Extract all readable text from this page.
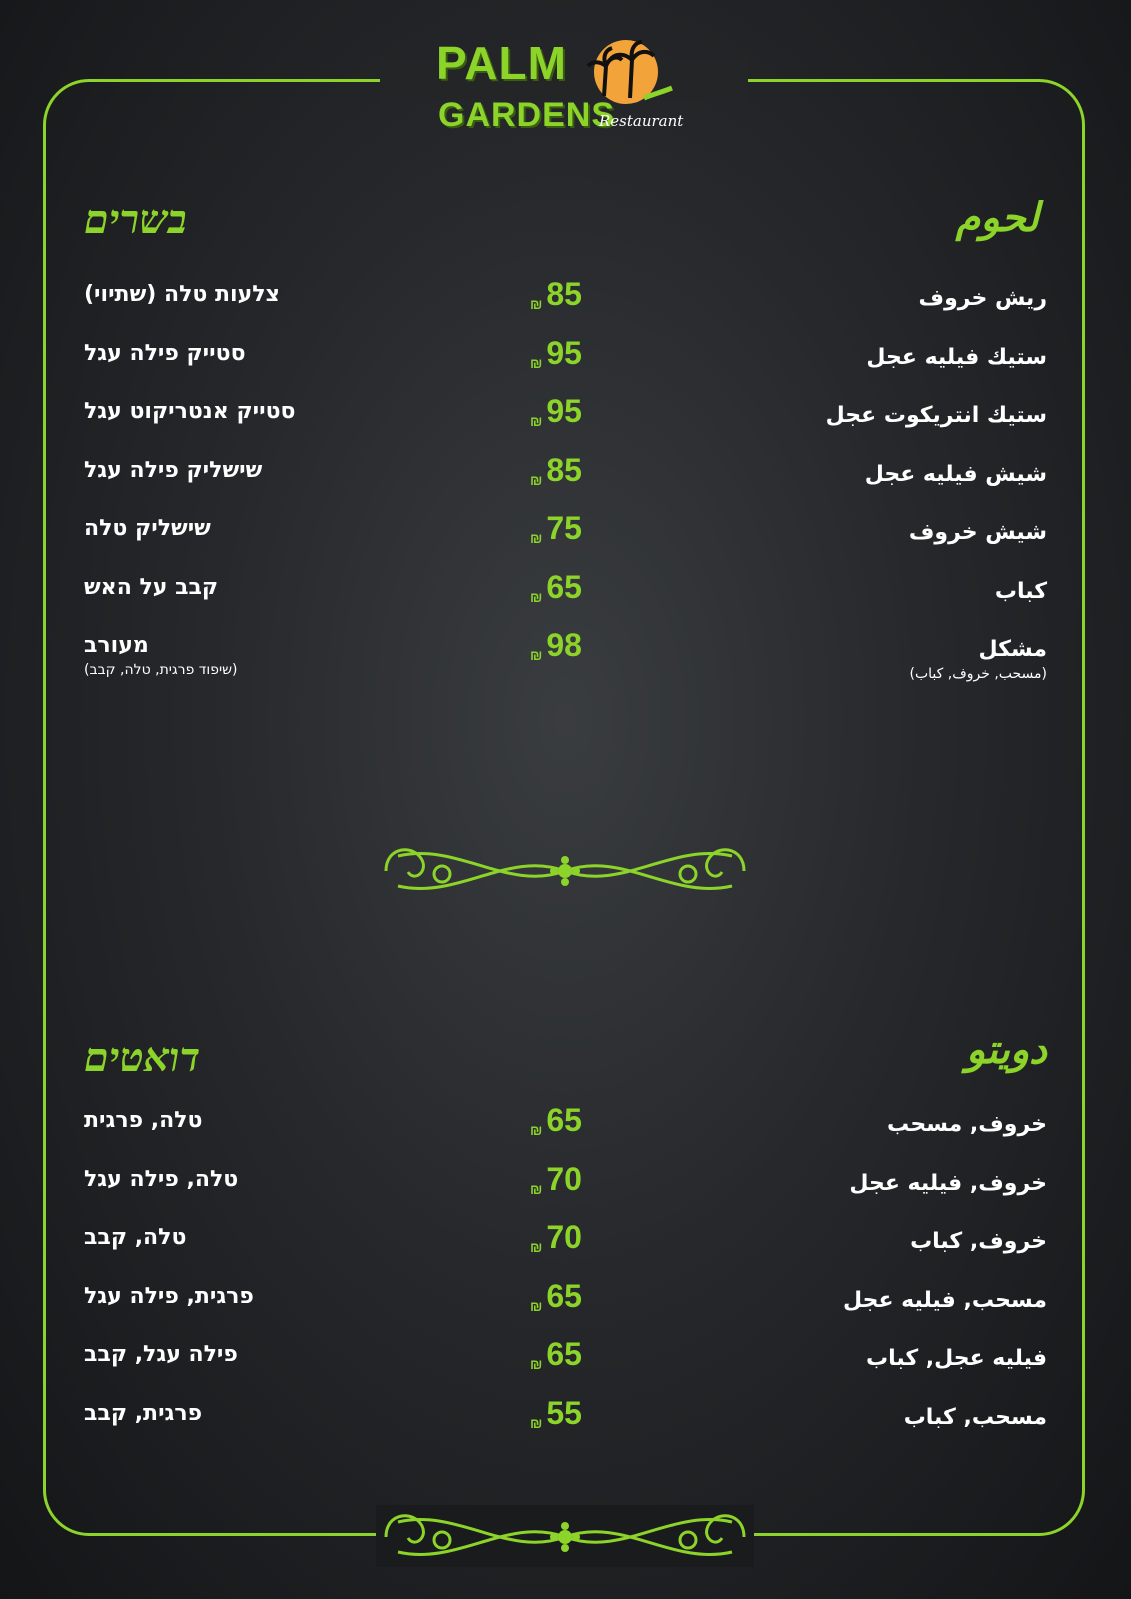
PALM
GARDENS
Restaurant
لحوم
בשרים
دويتو
דואטים
ريش خروف
₪ 85
צלעות טלה (שתיוי)
ستيك فيليه عجل
₪ 95
סטייק פילה עגל
ستيك انتريكوت عجل
₪ 95
סטייק אנטריקוט עגל
شيش فيليه عجل
₪ 85
שישליק פילה עגל
شيش خروف
₪ 75
שישליק טלה
كباب
₪ 65
קבב על האש
مشكل
₪ 98
מעורב
(مسحب, خروف, كباب)
(שיפוד פרגית, טלה, קבב)
خروف, مسحب
₪ 65
טלה, פרגית
خروف, فيليه عجل
₪ 70
טלה, פילה עגל
خروف, كباب
₪ 70
טלה, קבב
مسحب, فيليه عجل
₪ 65
פרגית, פילה עגל
فيليه عجل, كباب
₪ 65
פילה עגל, קבב
مسحب, كباب
₪ 55
פרגית, קבב
